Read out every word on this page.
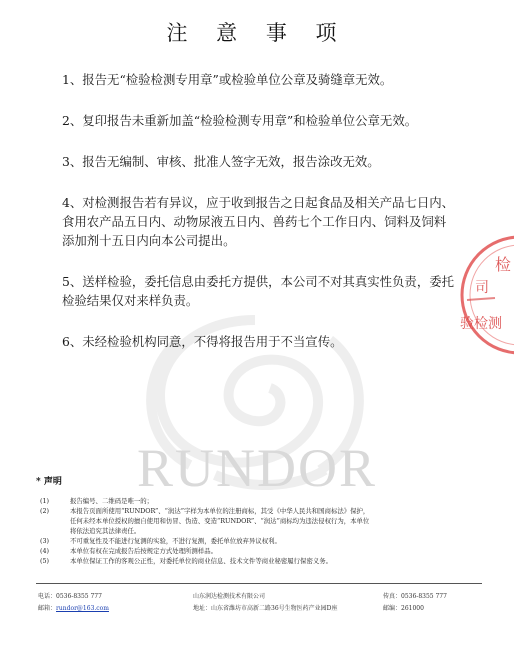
RUNDOR
检
司
验检测
注 意 事 项
1、报告无“检验检测专用章”或检验单位公章及骑缝章无效。
2、复印报告未重新加盖“检验检测专用章”和检验单位公章无效。
3、报告无编制、审核、批准人签字无效，报告涂改无效。
4、对检测报告若有异议，应于收到报告之日起食品及相关产品七日内、
食用农产品五日内、动物尿液五日内、兽药七个工作日内、饲料及饲料
添加剂十五日内向本公司提出。
5、送样检验，委托信息由委托方提供，本公司不对其真实性负责，委托
检验结果仅对来样负责。
6、未经检验机构同意，不得将报告用于不当宣传。
* 声明
(1)	报告编号、二维码是唯一的；
(2)	本报告页面所使用“RUNDOR”、“润达”字样为本单位的注册商标，其受《中华人民共和国商标法》保护，
任何未经本单位授权的擅自使用和仿冒、伪造、变造“RUNDOR”、“润达”商标均为违法侵权行为，本单位
将依法追究其法律责任。
(3)	不可重复性及不能进行复测的实验，不进行复测，委托单位放弃异议权利。
(4)	本单位有权在完成报告后按规定方式处理所测样品。
(5)	本单位保证工作的客观公正性，对委托单位的商业信息、技术文件等商业秘密履行保密义务。
电话：0536-8355 777
邮箱：rundor@163.com
山东润达检测技术有限公司
地址：山东省潍坊市高新二路36号生物医药产业园D座
传真：0536-8355 777
邮编：261000
